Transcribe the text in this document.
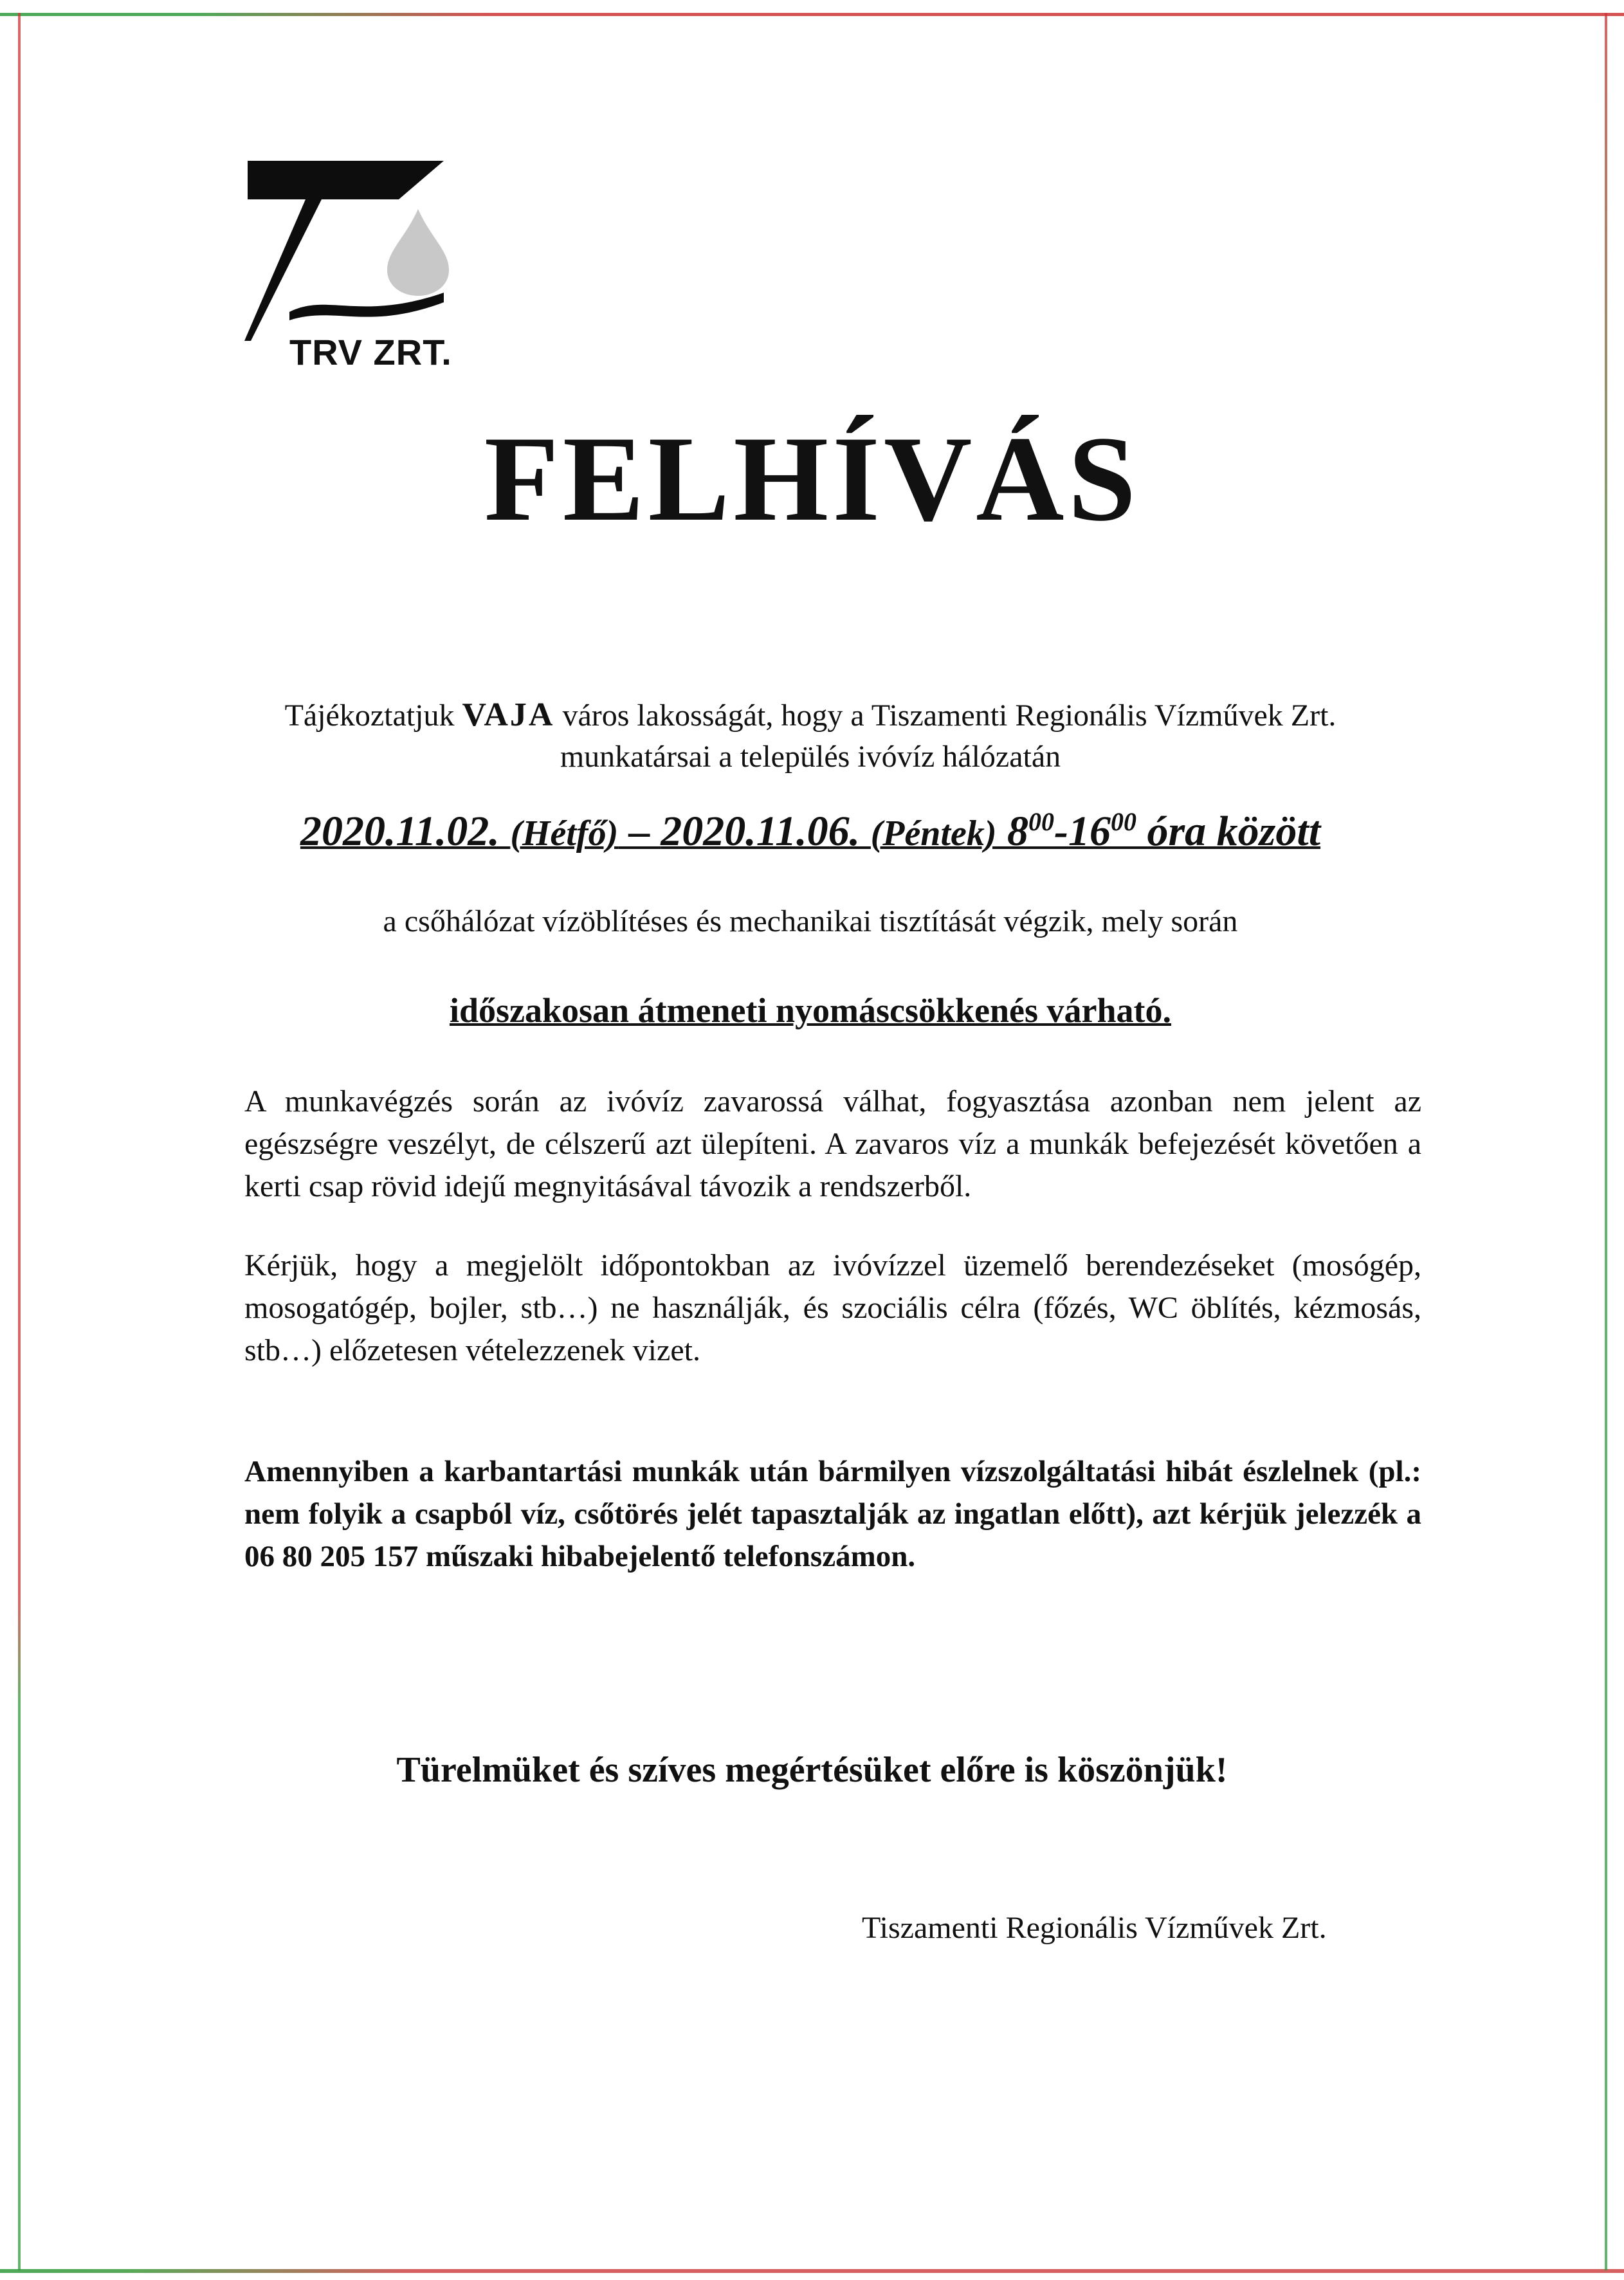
TRV ZRT.
FELHÍVÁS
Tájékoztatjuk VAJA város lakosságát, hogy a Tiszamenti Regionális Vízművek Zrt. munkatársai a település ivóvíz hálózatán
2020.11.02. (Hétfő) – 2020.11.06. (Péntek) $8^{00}-16^{00}$ óra között
a csőhálózat vízöblítéses és mechanikai tisztítását végzik, mely során
időszakosan átmeneti nyomáscsökkenés várható.
A munkavégzés során az ivóvíz zavarossá válhat, fogyasztása azonban nem jelent az egészségre veszélyt, de célszerű azt ülepíteni. A zavaros víz a munkák befejezését követően a kerti csap rövid idejű megnyitásával távozik a rendszerből.
Kérjük, hogy a megjelölt időpontokban az ivóvízzel üzemelő berendezéseket (mosógép, mosogatógép, bojler, stb…) ne használják, és szociális célra (főzés, WC öblítés, kézmosás, stb…) előzetesen vételezzenek vizet.
Amennyiben a karbantartási munkák után bármilyen vízszolgáltatási hibát észlelnek (pl.: nem folyik a csapból víz, csőtörés jelét tapasztalják az ingatlan előtt), azt kérjük jelezzék a 06 80 205 157 műszaki hibabejelentő telefonszámon.
Türelmüket és szíves megértésüket előre is köszönjük!
Tiszamenti Regionális Vízművek Zrt.
